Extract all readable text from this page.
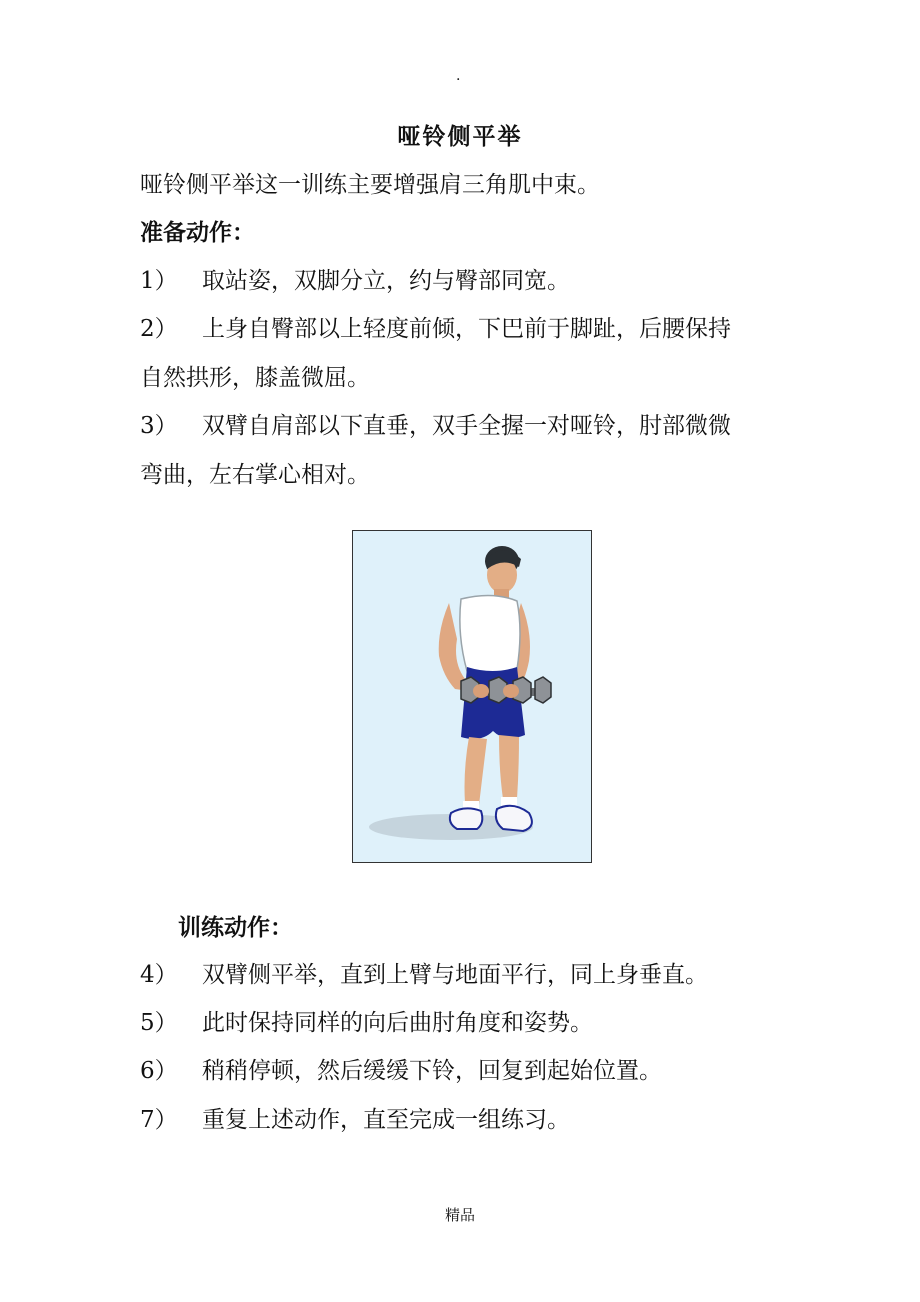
.
哑铃侧平举
哑铃侧平举这一训练主要增强肩三角肌中束。
准备动作：
1） 取站姿，双脚分立，约与臀部同宽。
2） 上身自臀部以上轻度前倾，下巴前于脚趾，后腰保持
自然拱形，膝盖微屈。
3） 双臂自肩部以下直垂，双手全握一对哑铃，肘部微微
弯曲，左右掌心相对。
训练动作：
4） 双臂侧平举，直到上臂与地面平行，同上身垂直。
5） 此时保持同样的向后曲肘角度和姿势。
6） 稍稍停顿，然后缓缓下铃，回复到起始位置。
7） 重复上述动作，直至完成一组练习。
精品
